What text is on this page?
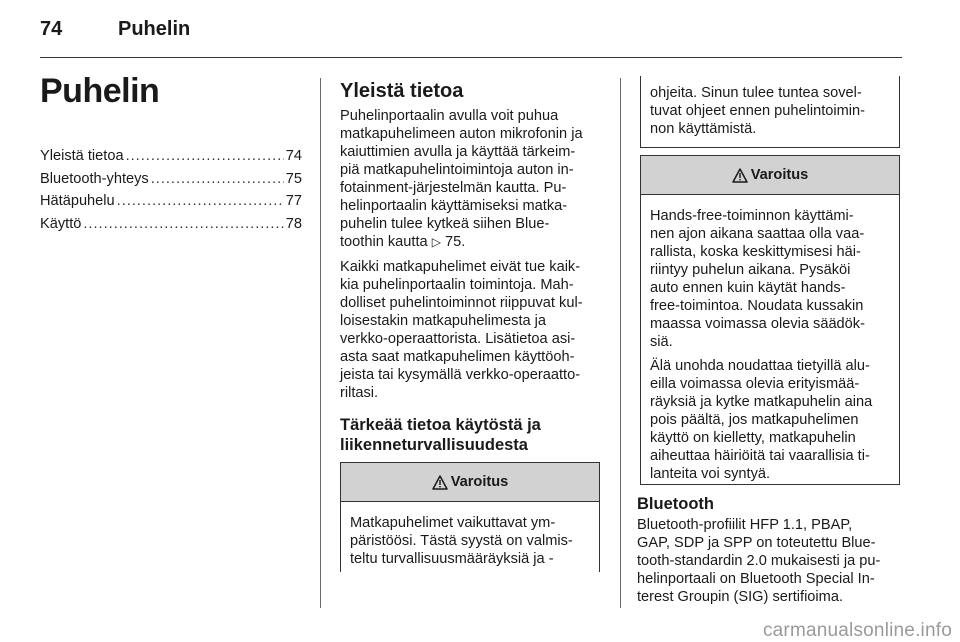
74	Puhelin
Puhelin
Yleistä tietoa .....	74
Bluetooth-yhteys .....	75
Hätäpuhelu .....	77
Käyttö .....	78
Yleistä tietoa

Puhelinportaalin avulla voit puhua
matkapuhelimeen auton mikrofonin ja
kaiuttimien avulla ja käyttää tärkeim-
piä matkapuhelintoimintoja auton in-
fotainment-järjestelmän kautta. Pu-
helinportaalin käyttämiseksi matka-
puhelin tulee kytkeä siihen Blue-
toothin kautta ▷ 75.

Kaikki matkapuhelimet eivät tue kaik-
kia puhelinportaalin toimintoja. Mah-
dolliset puhelintoiminnot riippuvat kul-
loisestakin matkapuhelimesta ja
verkko-operaattorista. Lisätietoa asi-
asta saat matkapuhelimen käyttöoh-
jeista tai kysymällä verkko-operaatto-
riltasi.

Tärkeää tietoa käytöstä ja
liikenneturvallisuudesta
Varoitus
Matkapuhelimet vaikuttavat ym-
päristöösi. Tästä syystä on valmis-
teltu turvallisuusmääräyksiä ja -
ohjeita. Sinun tulee tuntea sovel-
tuvat ohjeet ennen puhelintoimin-
non käyttämistä.
Varoitus

Hands-free-toiminnon käyttämi-
nen ajon aikana saattaa olla vaa-
rallista, koska keskittymisesi häi-
riintyy puhelun aikana. Pysäköi
auto ennen kuin käytät hands-
free-toimintoa. Noudata kussakin
maassa voimassa olevia säädök-
siä.

Älä unohda noudattaa tietyillä alu-
eilla voimassa olevia erityismää-
räyksiä ja kytke matkapuhelin aina
pois päältä, jos matkapuhelimen
käyttö on kielletty, matkapuhelin
aiheuttaa häiriöitä tai vaarallisia ti-
lanteita voi syntyä.

Bluetooth
Bluetooth-profiilit HFP 1.1, PBAP,
GAP, SDP ja SPP on toteutettu Blue-
tooth-standardin 2.0 mukaisesti ja pu-
helinportaali on Bluetooth Special In-
terest Groupin (SIG) sertifioima.
carmanualsonline.info
